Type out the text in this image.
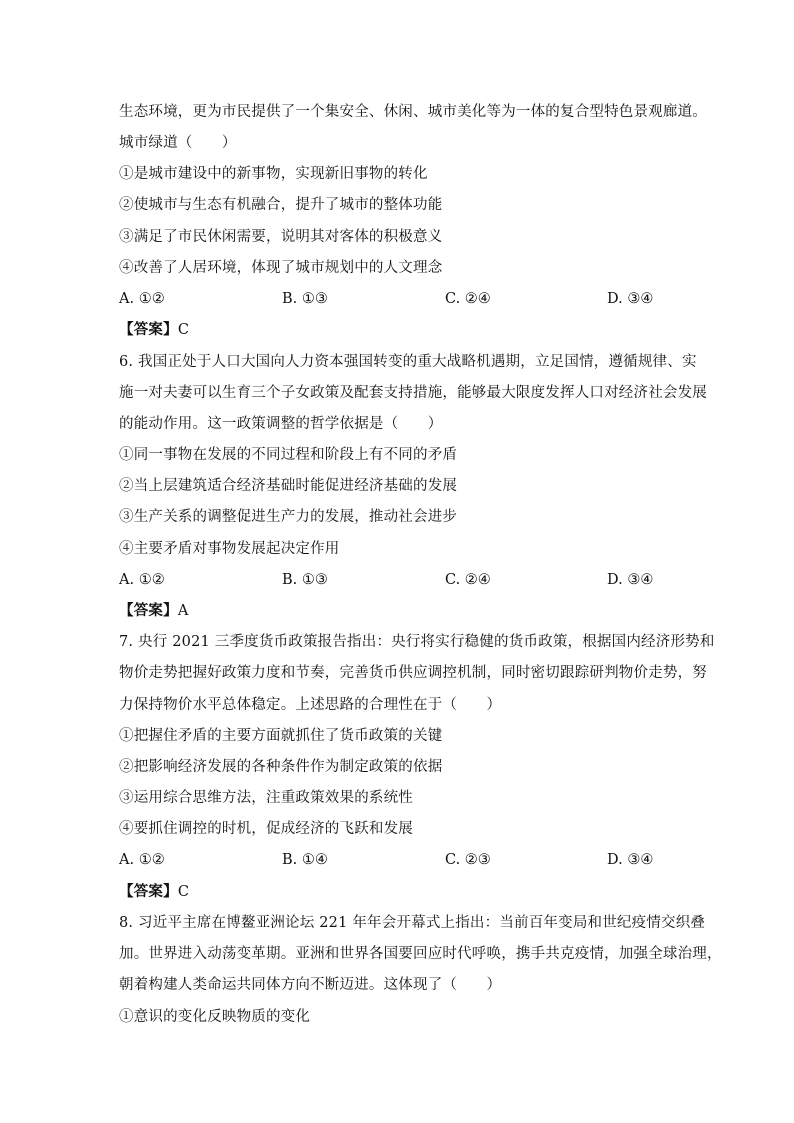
生态环境，更为市民提供了一个集安全、休闲、城市美化等为一体的复合型特色景观廊道。
城市绿道（　　）
①是城市建设中的新事物，实现新旧事物的转化
②使城市与生态有机融合，提升了城市的整体功能
③满足了市民休闲需要，说明其对客体的积极意义
④改善了人居环境，体现了城市规划中的人文理念
A. ①②	B. ①③	C. ②④	D. ③④
【答案】C
6. 我国正处于人口大国向人力资本强国转变的重大战略机遇期，立足国情，遵循规律、实
施一对夫妻可以生育三个子女政策及配套支持措施，能够最大限度发挥人口对经济社会发展
的能动作用。这一政策调整的哲学依据是（　　）
①同一事物在发展的不同过程和阶段上有不同的矛盾
②当上层建筑适合经济基础时能促进经济基础的发展
③生产关系的调整促进生产力的发展，推动社会进步
④主要矛盾对事物发展起决定作用
A. ①②	B. ①③	C. ②④	D. ③④
【答案】A
7. 央行 2021 三季度货币政策报告指出：央行将实行稳健的货币政策，根据国内经济形势和
物价走势把握好政策力度和节奏，完善货币供应调控机制，同时密切跟踪研判物价走势，努
力保持物价水平总体稳定。上述思路的合理性在于（　　）
①把握住矛盾的主要方面就抓住了货币政策的关键
②把影响经济发展的各种条件作为制定政策的依据
③运用综合思维方法，注重政策效果的系统性
④要抓住调控的时机，促成经济的飞跃和发展
A. ①②	B. ①④	C. ②③	D. ③④
【答案】C
8. 习近平主席在博鳌亚洲论坛 221 年年会开幕式上指出：当前百年变局和世纪疫情交织叠
加。世界进入动荡变革期。亚洲和世界各国要回应时代呼唤，携手共克疫情，加强全球治理，
朝着构建人类命运共同体方向不断迈进。这体现了（　　）
①意识的变化反映物质的变化
